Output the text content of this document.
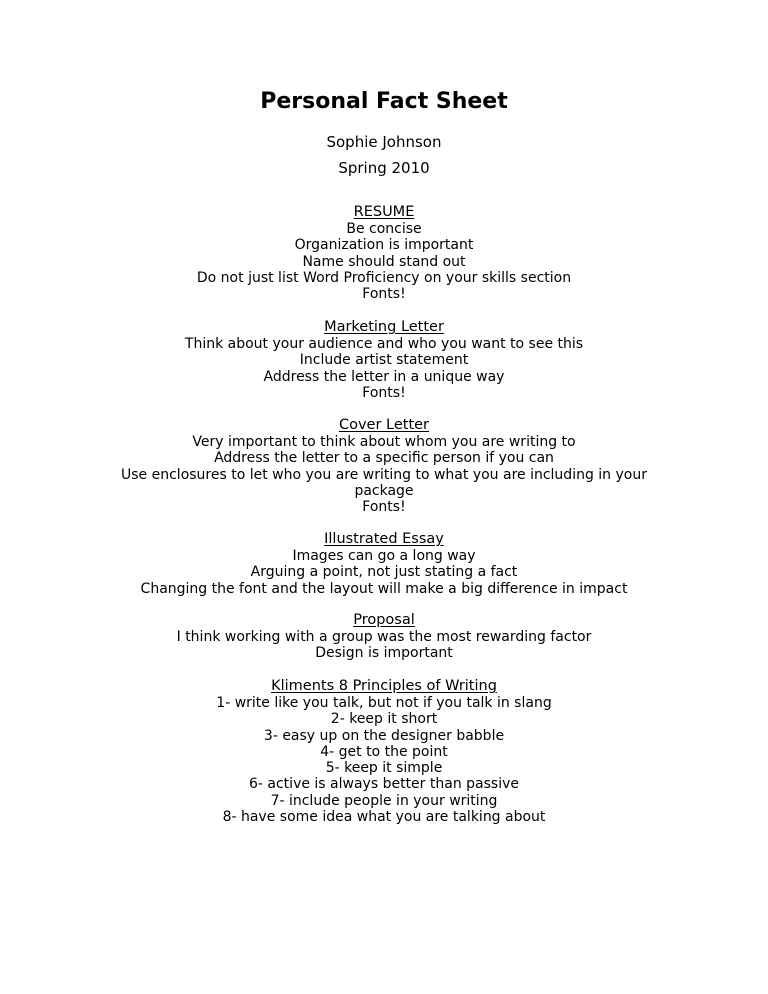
Personal Fact Sheet
Sophie Johnson
Spring 2010
RESUME
Be concise
Organization is important
Name should stand out
Do not just list Word Proficiency on your skills section
Fonts!
Marketing Letter
Think about your audience and who you want to see this
Include artist statement
Address the letter in a unique way
Fonts!
Cover Letter
Very important to think about whom you are writing to
Address the letter to a specific person if you can
Use enclosures to let who you are writing to what you are including in your
package
Fonts!
Illustrated Essay
Images can go a long way
Arguing a point, not just stating a fact
Changing the font and the layout will make a big difference in impact
Proposal
I think working with a group was the most rewarding factor
Design is important
Kliments 8 Principles of Writing
1- write like you talk, but not if you talk in slang
2- keep it short
3- easy up on the designer babble
4- get to the point
5- keep it simple
6- active is always better than passive
7- include people in your writing
8- have some idea what you are talking about
